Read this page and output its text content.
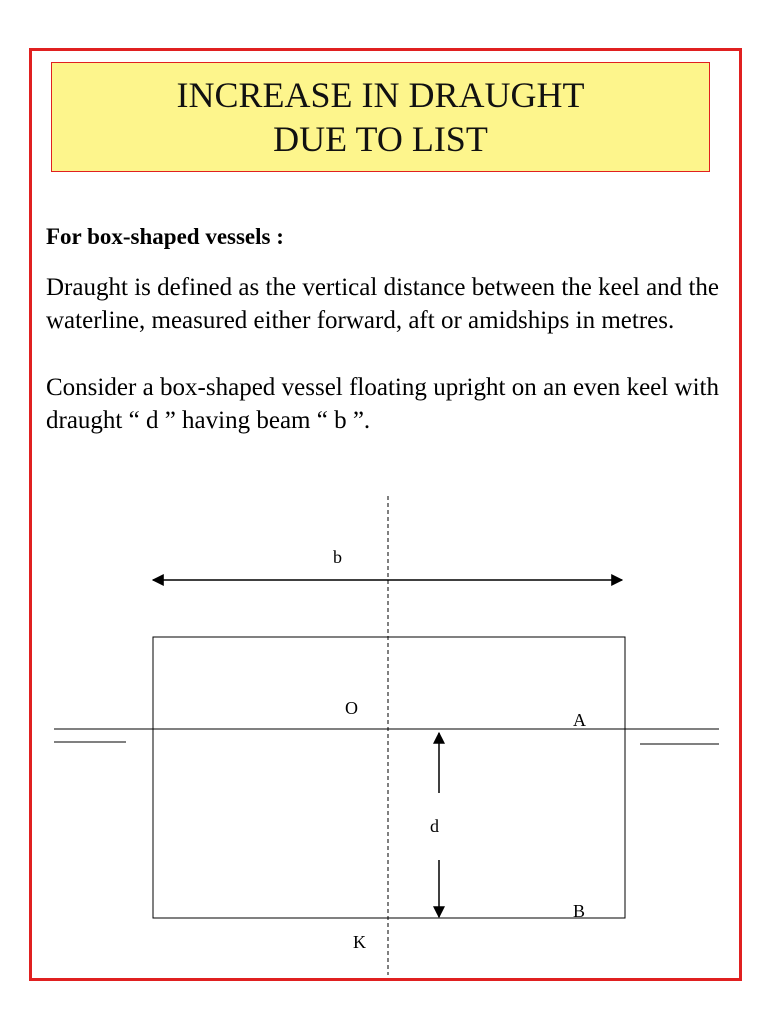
INCREASE IN DRAUGHT
DUE TO LIST
For box-shaped vessels :
Draught is defined as the vertical distance between the keel and the waterline, measured either forward, aft or amidships in metres.
Consider a box-shaped vessel floating upright on an even keel with draught “ d ” having beam “ b ”.
b
O
A
d
B
K
